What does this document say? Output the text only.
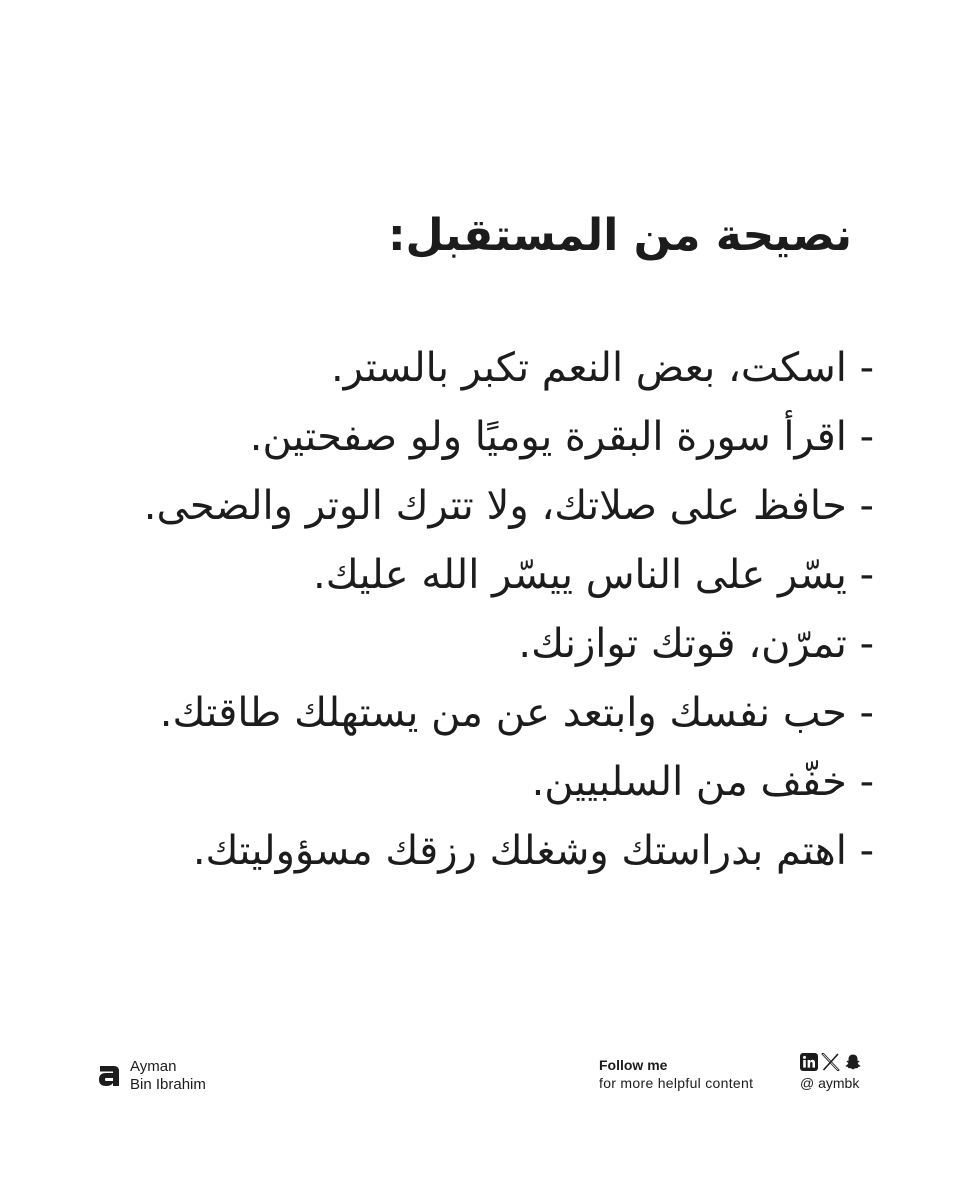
نصيحة من المستقبل:
- اسكت، بعض النعم تكبر بالستر.
- اقرأ سورة البقرة يوميًا ولو صفحتين.
- حافظ على صلاتك، ولا تترك الوتر والضحى.
- يسّر على الناس ييسّر الله عليك.
- تمرّن، قوتك توازنك.
- حب نفسك وابتعد عن من يستهلك طاقتك.
- خفّف من السلبيين.
- اهتم بدراستك وشغلك رزقك مسؤوليتك.
Ayman
Bin Ibrahim
Follow me
for more helpful content	@ aymbk
